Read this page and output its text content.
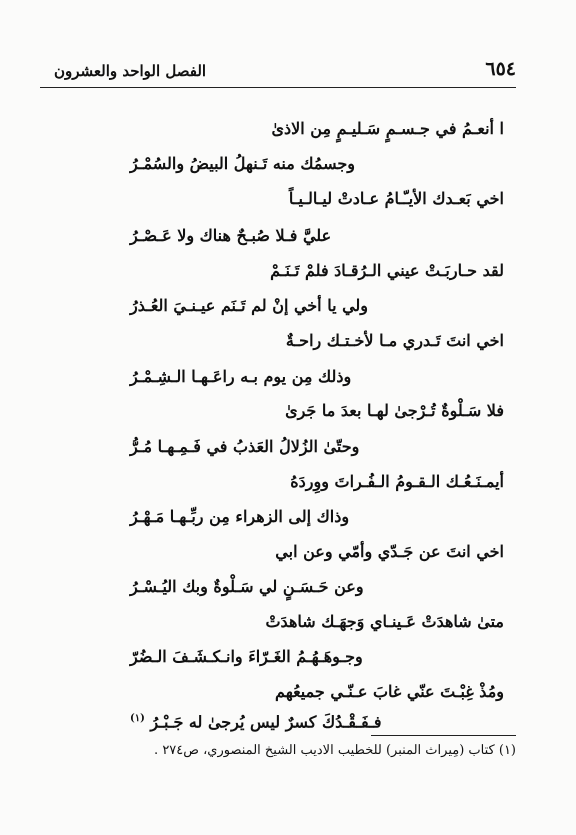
٦٥٤
الفصل الواحد والعشرون
ا أنعـمُ في جـسـمٍ سَـليـمٍ مِن الاذىٰ
وجسمُك منه تَـنهلُ البيضُ والسُمْـرُ
اخي بَعـدك الأيـّـامُ عـادتْ ليـالـيـاً
عليَّ فـلا صُبـحٌ هناك ولا عَـصْـرُ
لقد حـاربَـتْ عيني الـرُقـادَ فلمْ تَـنَـمْ
ولي يا أخي إنْ لم تَـنَم عيـنـيَ العُـذرُ
اخي انتَ تَـدري مـا لأخـتـك راحـةٌ
وذلك مِن يوم بـه راعَـهـا الـشِـمْـرُ
فلا سَـلْوةٌ تُـرْجىٰ لهـا بعدَ ما جَرىٰ
وحتّىٰ الزُلالُ العَذبُ في فَـمِـهـا مُـرُّ
أيمـنَـعُـك الـقـومُ الـفُـراتَ ووِردَهُ
وذاك إلى الزهراء مِن ربِّـهـا مَـهْـرُ
اخي انتَ عن جَـدّي وأمّي وعن ابي
وعن حَـسَـنٍ لي سَـلْوةٌ وبك اليُـسْـرُ
متىٰ شاهدَتْ عَـينـاي وَجهَـك شاهدَتْ
وجـوهَـهُـمُ الغَـرّاءَ وانـكـشَـفَ الـضُرّ
ومُذْ غِبْـتَ عنّي غابَ عـنّـي جميعُهم
فـفَـقْـدُكَ كسرٌ ليس يُرجىٰ له جَـبْـرُ $^{(١)}$
(١) كتاب (مِيراث المنبر) للخطيب الاديب الشيخ المنصوري، ص٢٧٤ .
